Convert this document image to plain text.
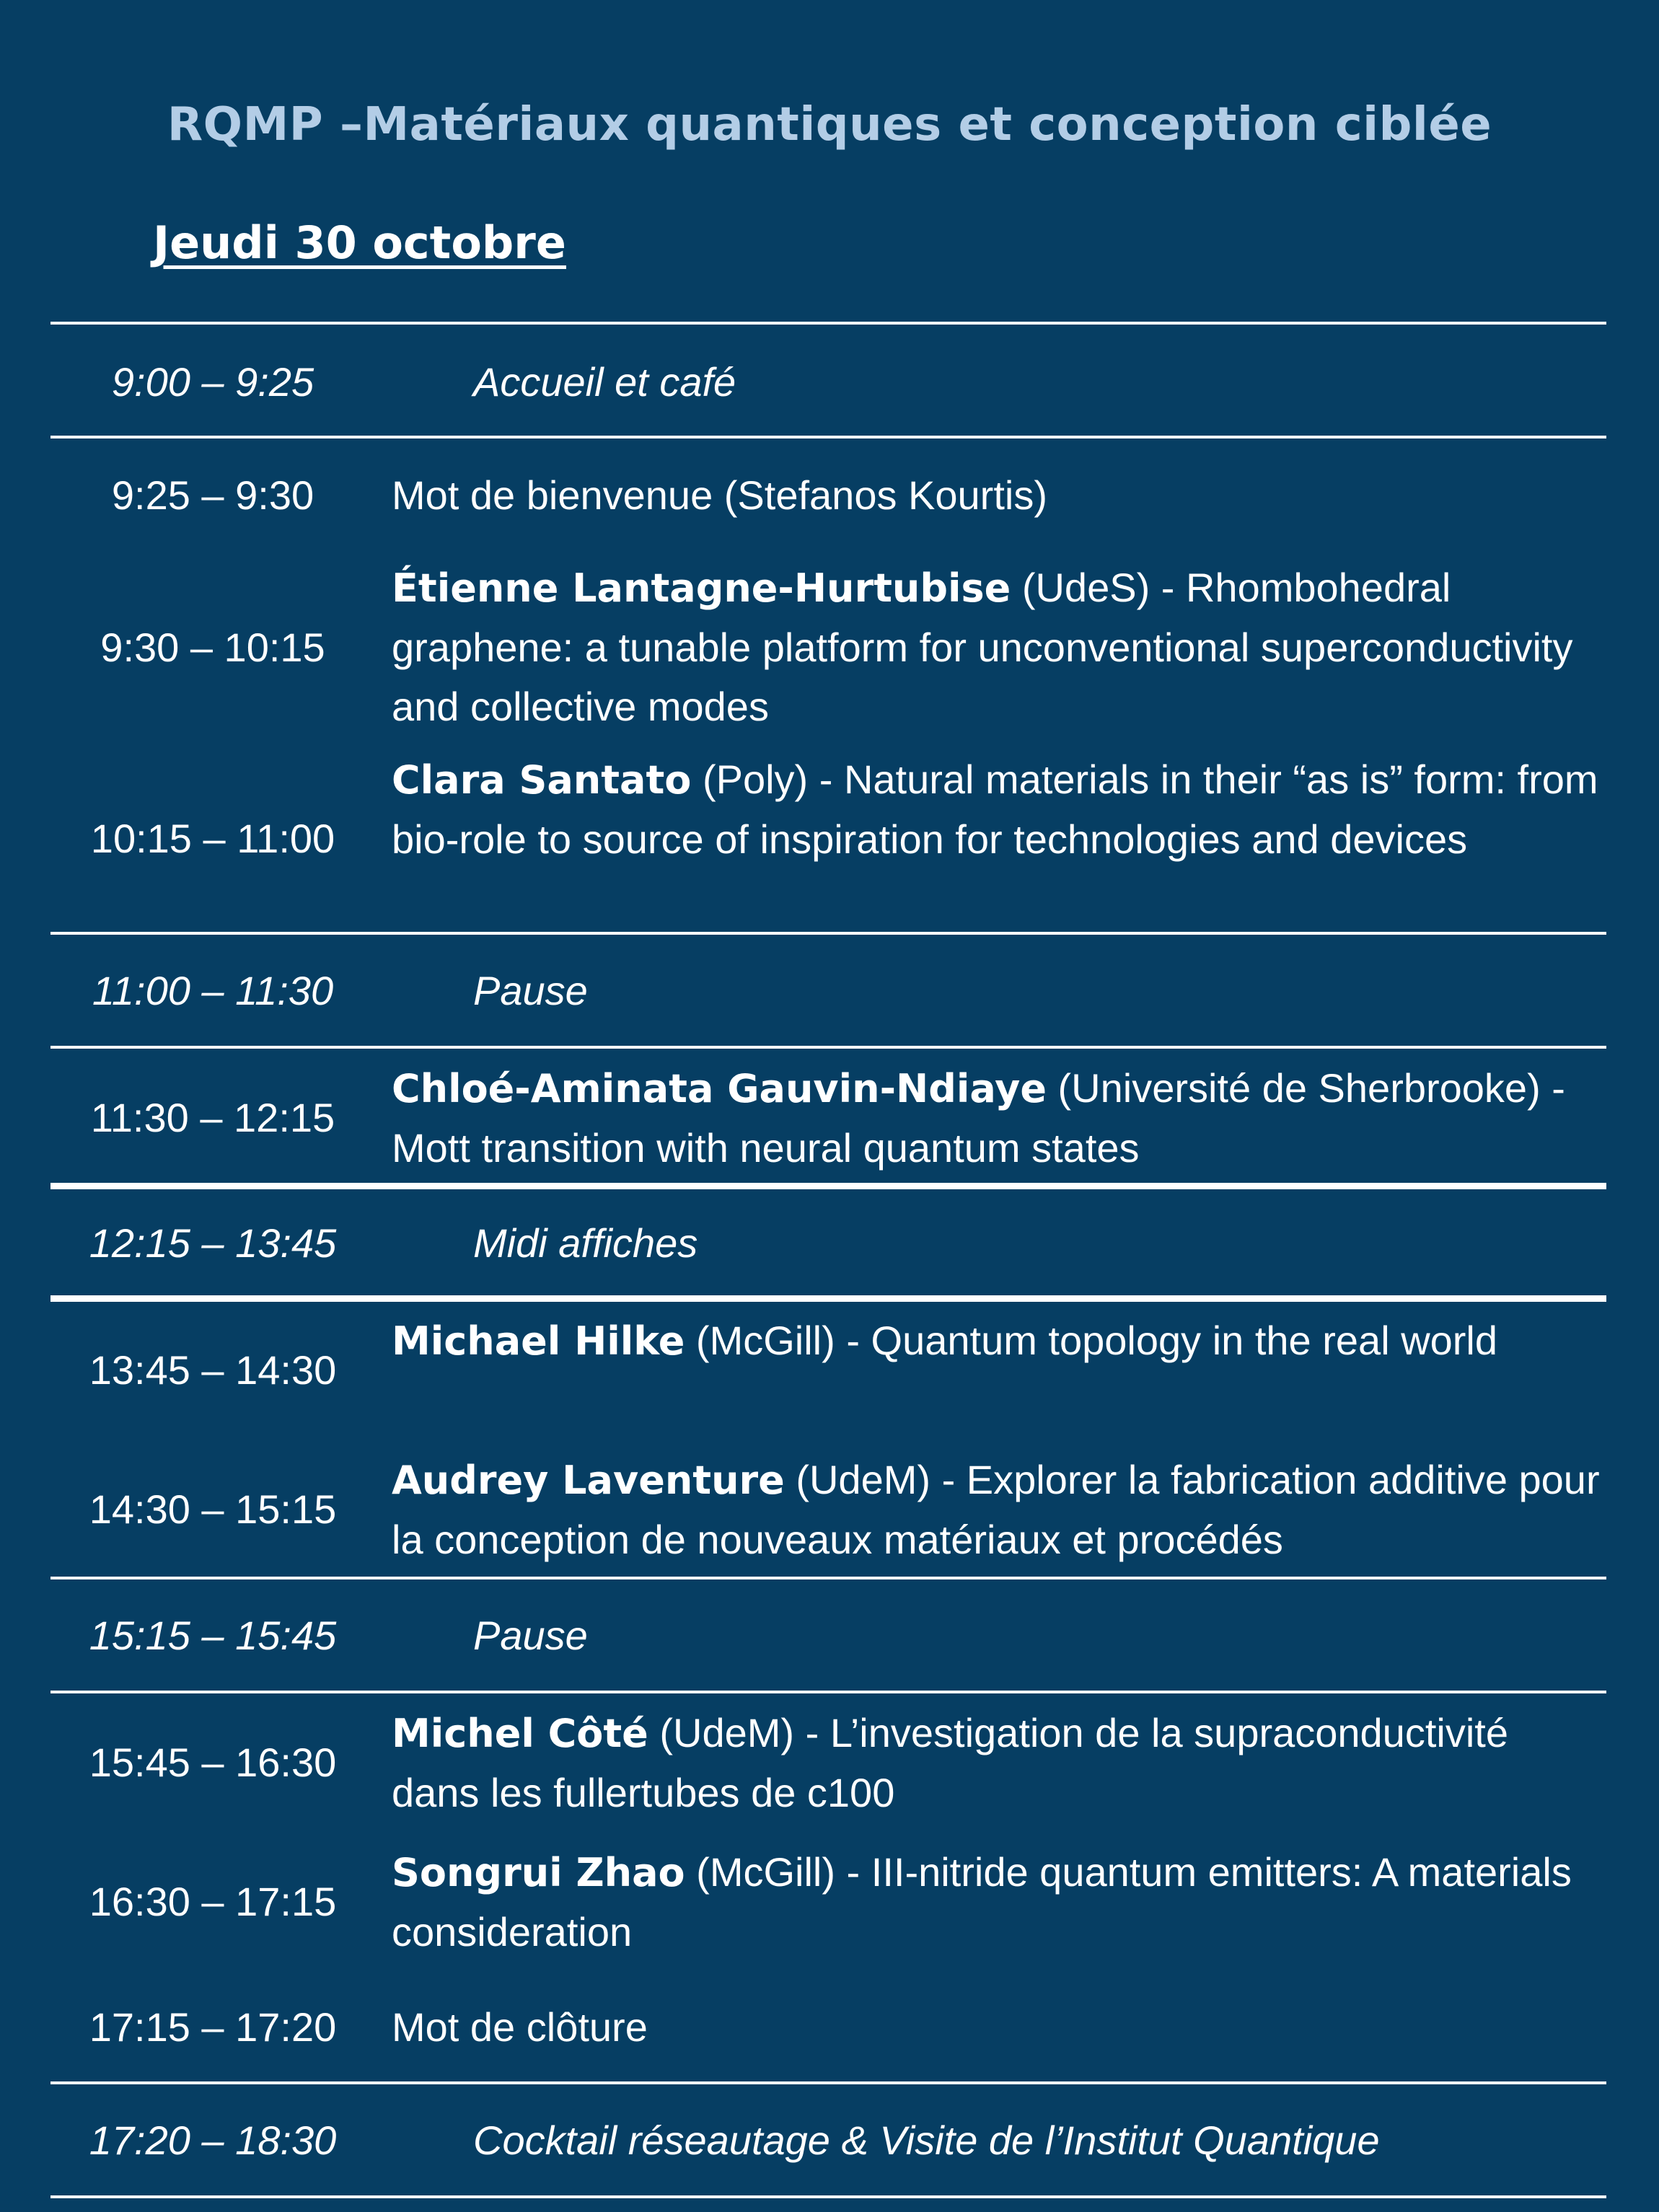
RQMP –Matériaux quantiques et conception ciblée
Jeudi 30 octobre
9:00 – 9:25	Accueil et café
9:25 – 9:30	Mot de bienvenue (Stefanos Kourtis)
9:30 – 10:15
Étienne Lantagne-Hurtubise (UdeS) - Rhombohedral graphene: a tunable platform for unconventional superconductivity and collective modes
10:15 – 11:00
Clara Santato (Poly) - Natural materials in their “as is” form: from bio-role to source of inspiration for technologies and devices
11:00 – 11:30	Pause
11:30 – 12:15
Chloé-Aminata Gauvin-Ndiaye (Université de Sherbrooke) - Mott transition with neural quantum states
12:15 – 13:45	Midi affiches
13:45 – 14:30
Michael Hilke (McGill) - Quantum topology in the real world
14:30 – 15:15
Audrey Laventure (UdeM) - Explorer la fabrication additive pour la conception de nouveaux matériaux et procédés
15:15 – 15:45	Pause
15:45 – 16:30
Michel Côté (UdeM) - L’investigation de la supraconductivité dans les fullertubes de c100
16:30 – 17:15
Songrui Zhao (McGill) - III-nitride quantum emitters: A materials consideration
17:15 – 17:20	Mot de clôture
17:20 – 18:30	Cocktail réseautage & Visite de l’Institut Quantique
